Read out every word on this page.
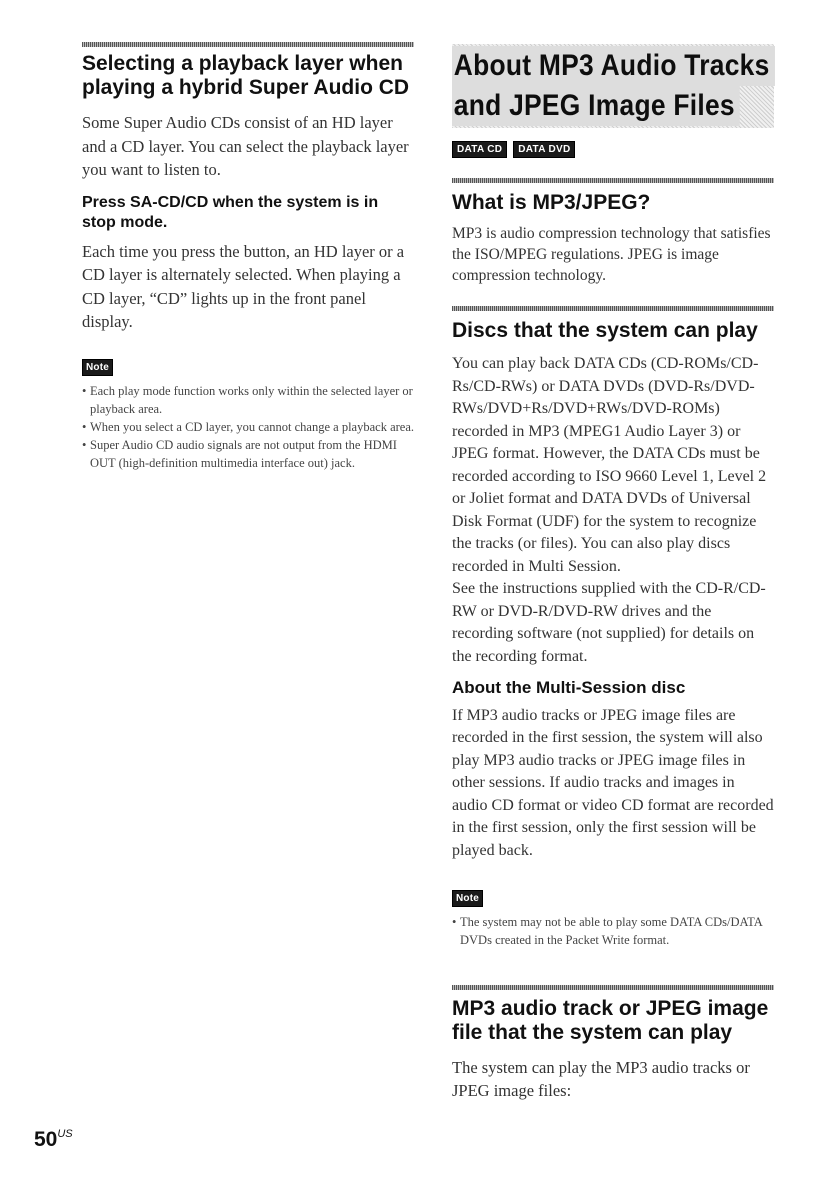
Selecting a playback layer when playing a hybrid Super Audio CD

Some Super Audio CDs consist of an HD layer and a CD layer. You can select the playback layer you want to listen to.

Press SA-CD/CD when the system is in stop mode.

Each time you press the button, an HD layer or a CD layer is alternately selected. When playing a CD layer, “CD” lights up in the front panel display.

Note
• Each play mode function works only within the selected layer or playback area.
• When you select a CD layer, you cannot change a playback area.
• Super Audio CD audio signals are not output from the HDMI OUT (high-definition multimedia interface out) jack.
About MP3 Audio Tracks
and JPEG Image Files
DATA CD	DATA DVD
What is MP3/JPEG?

MP3 is audio compression technology that satisfies the ISO/MPEG regulations. JPEG is image compression technology.

Discs that the system can play

You can play back DATA CDs (CD-ROMs/CD-Rs/CD-RWs) or DATA DVDs (DVD-Rs/DVD-RWs/DVD+Rs/DVD+RWs/DVD-ROMs) recorded in MP3 (MPEG1 Audio Layer 3) or JPEG format. However, the DATA CDs must be recorded according to ISO 9660 Level 1, Level 2 or Joliet format and DATA DVDs of Universal Disk Format (UDF) for the system to recognize the tracks (or files). You can also play discs recorded in Multi Session.

See the instructions supplied with the CD-R/CD-RW or DVD-R/DVD-RW drives and the recording software (not supplied) for details on the recording format.

About the Multi-Session disc

If MP3 audio tracks or JPEG image files are recorded in the first session, the system will also play MP3 audio tracks or JPEG image files in other sessions. If audio tracks and images in audio CD format or video CD format are recorded in the first session, only the first session will be played back.

Note
• The system may not be able to play some DATA CDs/DATA DVDs created in the Packet Write format.
MP3 audio track or JPEG image file that the system can play

The system can play the MP3 audio tracks or JPEG image files:

$50^{US}$
